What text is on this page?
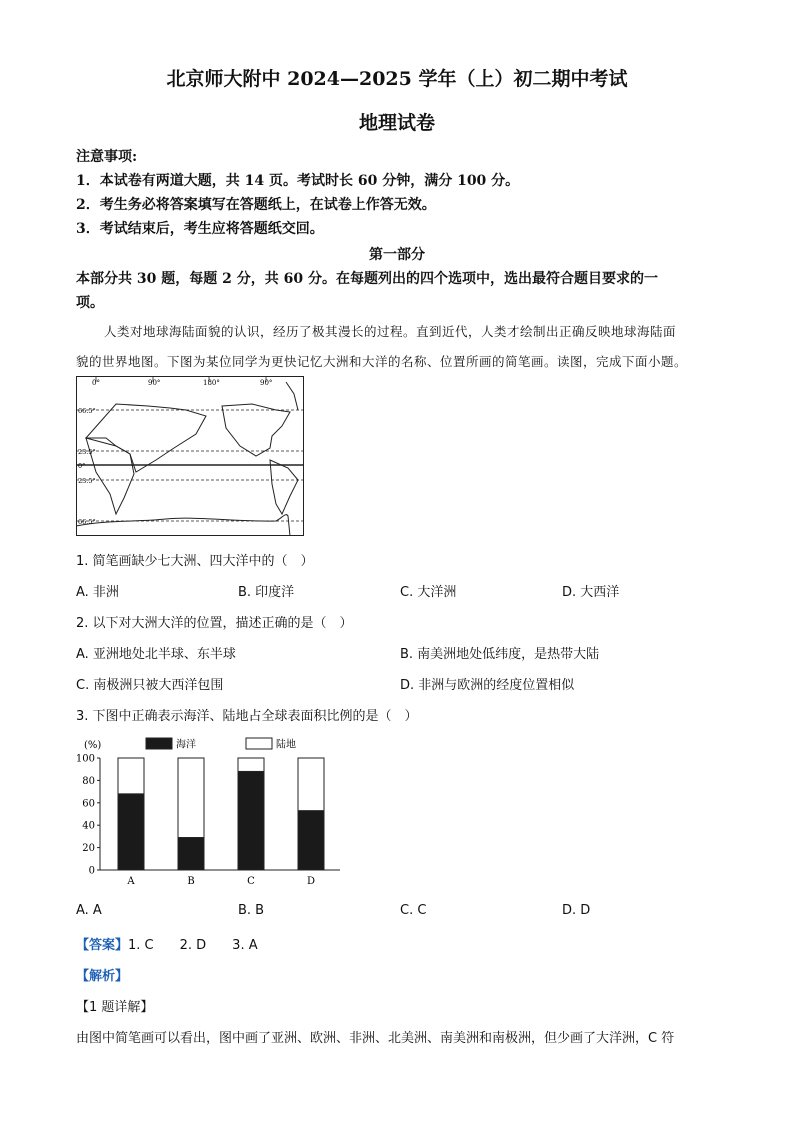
北京师大附中 2024—2025 学年（上）初二期中考试
地理试卷
注意事项:
1．本试卷有两道大题，共 14 页。考试时长 60 分钟，满分 100 分。
2．考生务必将答案填写在答题纸上，在试卷上作答无效。
3．考试结束后，考生应将答题纸交回。
第一部分
本部分共 30 题，每题 2 分，共 60 分。在每题列出的四个选项中，选出最符合题目要求的一
项。
人类对地球海陆面貌的认识，经历了极其漫长的过程。直到近代，人类才绘制出正确反映地球海陆面
貌的世界地图。下图为某位同学为更快记忆大洲和大洋的名称、位置所画的简笔画。读图，完成下面小题。
0°	90°	180°	90°
66.5°
23.5°
0°
23.5°
66.5°
1. 简笔画缺少七大洲、四大洋中的（　）
A. 非洲	B. 印度洋	C. 大洋洲	D. 大西洋
2. 以下对大洲大洋的位置，描述正确的是（　）
A. 亚洲地处北半球、东半球	B. 南美洲地处低纬度，是热带大陆
C. 南极洲只被大西洋包围	D. 非洲与欧洲的经度位置相似
3. 下图中正确表示海洋、陆地占全球表面积比例的是（　）
(%)	海洋	陆地
0
20
40
60
80
100
A	B	C	D
A. A	B. B	C. C	D. D
【答案】1. C　　2. D　　3. A
【解析】
【1 题详解】
由图中简笔画可以看出，图中画了亚洲、欧洲、非洲、北美洲、南美洲和南极洲，但少画了大洋洲，C 符
